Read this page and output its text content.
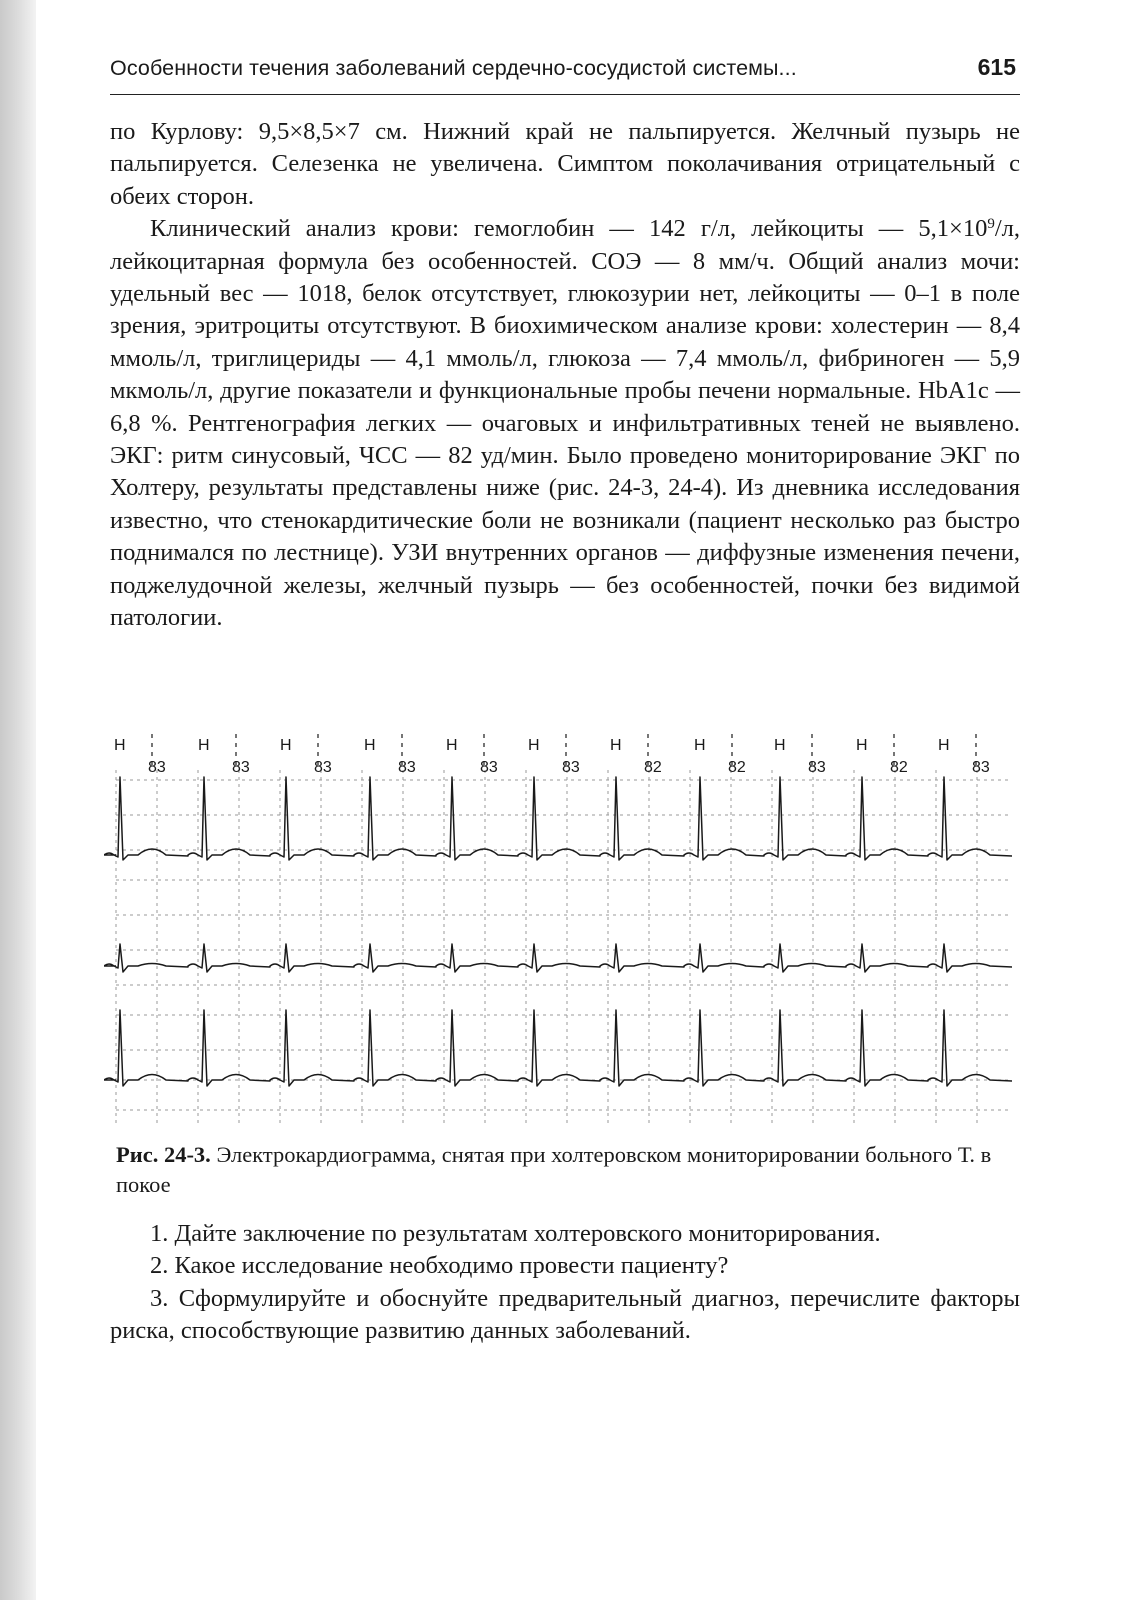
Особенности течения заболеваний сердечно-сосудистой системы...	615

по Курлову: 9,5×8,5×7 см. Нижний край не пальпируется. Желчный пузырь не пальпируется. Селезенка не увеличена. Симптом поколачивания отрицательный с обеих сторон.

Клинический анализ крови: гемоглобин — 142 г/л, лейкоциты — $5,1\times 10^9/л$, лейкоцитарная формула без особенностей. СОЭ — 8 мм/ч. Общий анализ мочи: удельный вес — 1018, белок отсутствует, глюкозурии нет, лейкоциты — 0–1 в поле зрения, эритроциты отсутствуют. В биохимическом анализе крови: холестерин — 8,4 ммоль/л, триглицериды — 4,1 ммоль/л, глюкоза — 7,4 ммоль/л, фибриноген — 5,9 мкмоль/л, другие показатели и функциональные пробы печени нормальные. HbA1c — 6,8 %. Рентгенография легких — очаговых и инфильтративных теней не выявлено. ЭКГ: ритм синусовый, ЧСС — 82 уд/мин. Было проведено мониторирование ЭКГ по Холтеру, результаты представлены ниже (рис. 24-3, 24-4). Из дневника исследования известно, что стенокардитические боли не возникали (пациент несколько раз быстро поднимался по лестнице). УЗИ внутренних органов — диффузные изменения печени, поджелудочной железы, желчный пузырь — без особенностей, почки без видимой патологии.

H	H	H	H	H	H	H	H	H	H	H
83	83	83	83	83	83	82	82	83	82	83
Рис. 24-3. Электрокардиограмма, снятая при холтеровском мониторировании больного Т. в покое

1. Дайте заключение по результатам холтеровского мониторирования.

2. Какое исследование необходимо провести пациенту?

3. Сформулируйте и обоснуйте предварительный диагноз, перечислите факторы риска, способствующие развитию данных заболеваний.
